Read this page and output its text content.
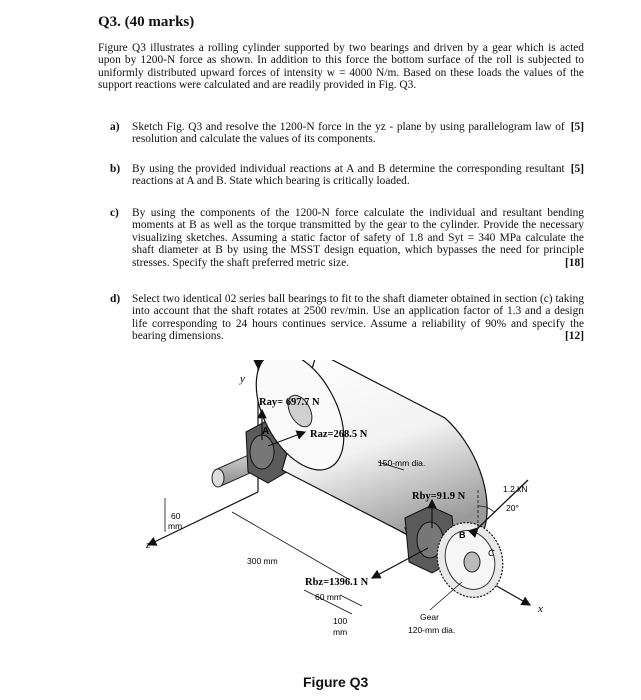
Q3. (40 marks)
Figure Q3 illustrates a rolling cylinder supported by two bearings and driven by a gear which is acted upon by 1200-N force as shown. In addition to this force the bottom surface of the roll is subjected to uniformly distributed upward forces of intensity w = 4000 N/m. Based on these loads the values of the support reactions were calculated and are readily provided in Fig. Q3.
a)	[5]
Sketch Fig. Q3 and resolve the 1200-N force in the yz - plane by using parallelogram law of resolution and calculate the values of its components.
b)	[5]
By using the provided individual reactions at A and B determine the corresponding resultant reactions at A and B. State which bearing is critically loaded.
c) By using the components of the 1200-N force calculate the individual and resultant bending moments at B as well as the torque transmitted by the gear to the cylinder. Provide the necessary visualizing sketches. Assuming a static factor of safety of 1.8 and Syt = 340 MPa calculate the shaft diameter at B by using the MSST design equation, which bypasses the need for principle stresses. Specify the shaft preferred metric size.	[18]
d) Select two identical 02 series ball bearings to fit to the shaft diameter obtained in section (c) taking into account that the shaft rotates at 2500 rev/min. Use an application factor of 1.3 and a design life corresponding to 24 hours continues service. Assume a reliability of 90% and specify the bearing dimensions.	[12]
y
x
z
Ray= 697.7 N
Raz=268.5 N
A
Rby=91.9 N
Rbz=1396.1 N
B
C
1.2 kN
20°
150-mm dia.
60
mm
300 mm
60 mm
100
mm
Gear
120-mm dia.
Figure Q3
